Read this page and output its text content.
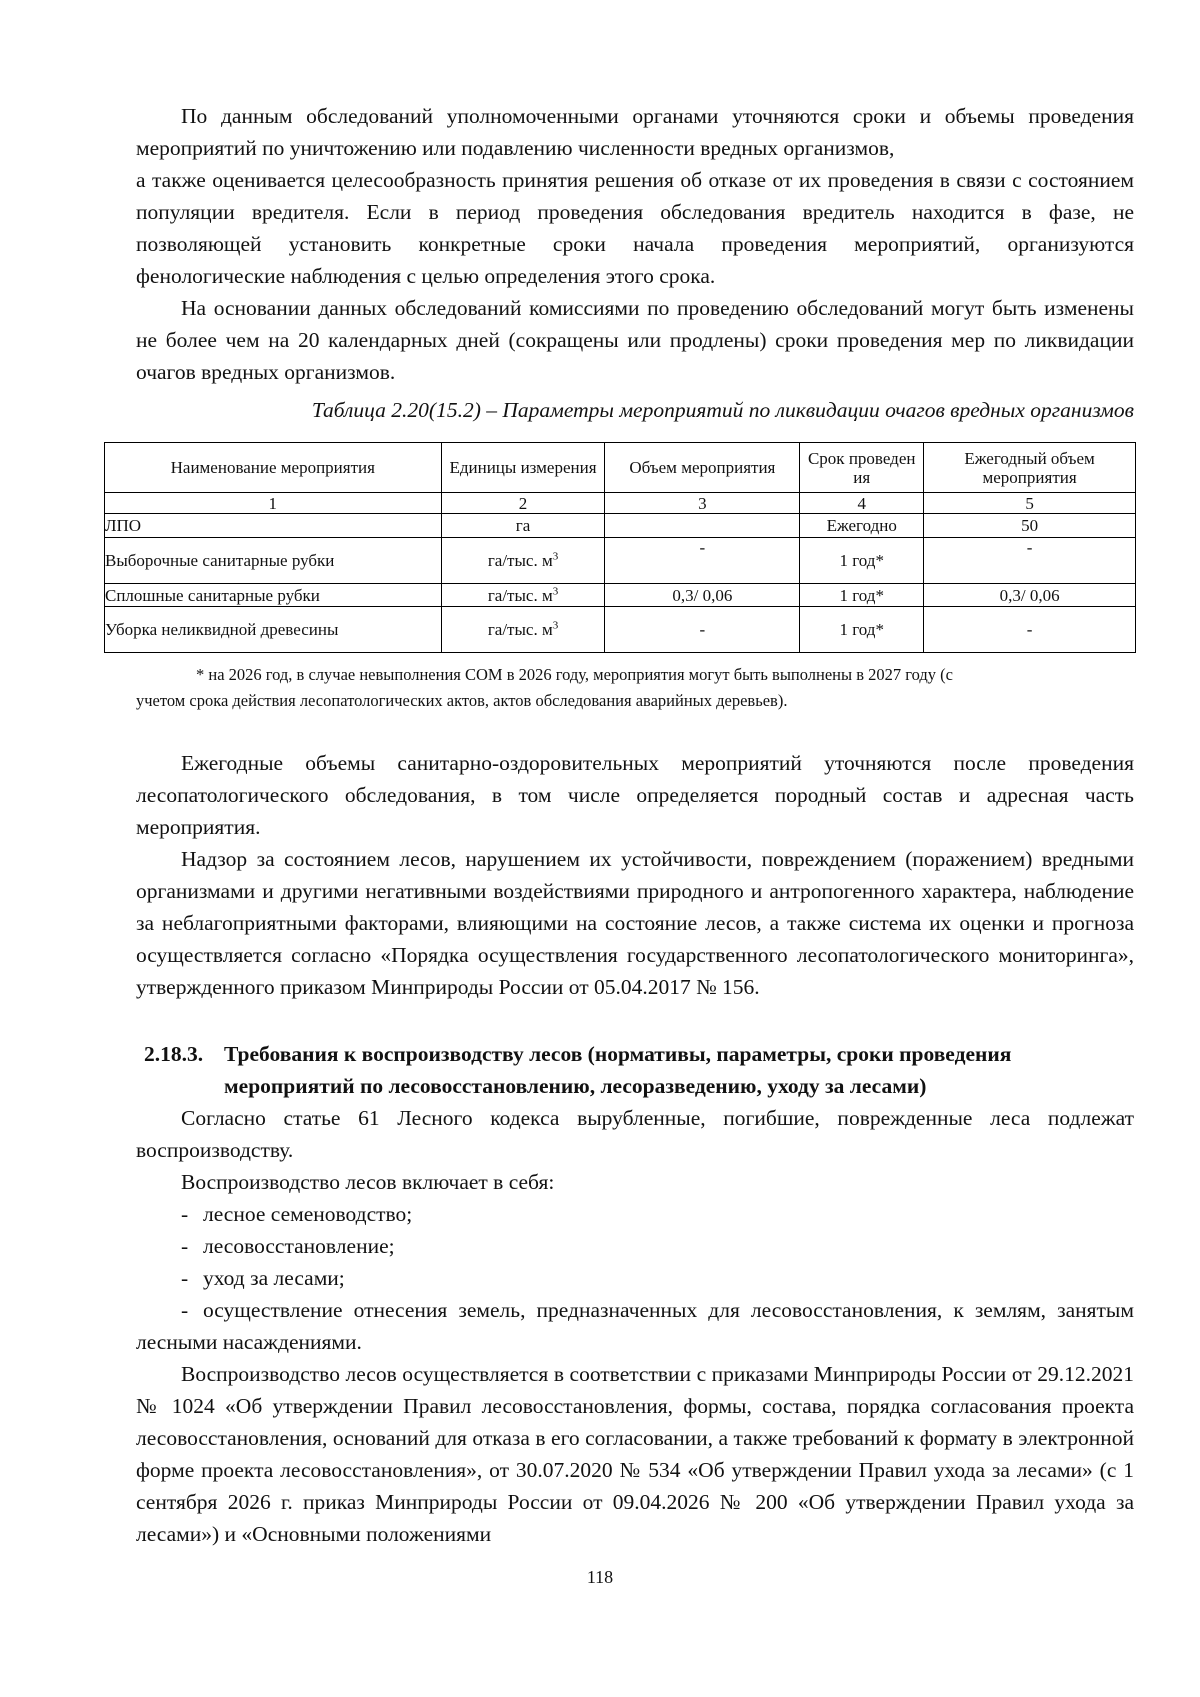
По данным обследований уполномоченными органами уточняются сроки и объемы проведения мероприятий по уничтожению или подавлению численности вредных организмов,

а также оценивается целесообразность принятия решения об отказе от их проведения в связи с состоянием популяции вредителя. Если в период проведения обследования вредитель находится в фазе, не позволяющей установить конкретные сроки начала проведения мероприятий, организуются фенологические наблюдения с целью определения этого срока.

На основании данных обследований комиссиями по проведению обследований могут быть изменены не более чем на 20 календарных дней (сокращены или продлены) сроки проведения мер по ликвидации очагов вредных организмов.

Таблица 2.20(15.2) – Параметры мероприятий по ликвидации очагов вредных организмов

Наименование мероприятия	Единицы измерения	Объем мероприятия	Срок проведен ия	Ежегодный объем мероприятия
1	2	3	4	5
ЛПО	га		Ежегодно	50
Выборочные санитарные рубки	га/тыс. $м^3$	-	1 год*	-
Сплошные санитарные рубки	га/тыс. $м^3$	0,3/ 0,06	1 год*	0,3/ 0,06
Уборка неликвидной древесины	га/тыс. $м^3$	-	1 год*	-

* на 2026 год, в случае невыполнения СОМ в 2026 году, мероприятия могут быть выполнены в 2027 году (с
учетом срока действия лесопатологических актов, актов обследования аварийных деревьев).

Ежегодные объемы санитарно-оздоровительных мероприятий уточняются после проведения лесопатологического обследования, в том числе определяется породный состав и адресная часть мероприятия.

Надзор за состоянием лесов, нарушением их устойчивости, повреждением (поражением) вредными организмами и другими негативными воздействиями природного и антропогенного характера, наблюдение за неблагоприятными факторами, влияющими на состояние лесов, а также система их оценки и прогноза осуществляется согласно «Порядка осуществления государственного лесопатологического мониторинга», утвержденного приказом Минприроды России от 05.04.2017 № 156.

2.18.3. Требования к воспроизводству лесов (нормативы, параметры, сроки проведения
мероприятий по лесовосстановлению, лесоразведению, уходу за лесами)

Согласно статье 61 Лесного кодекса вырубленные, погибшие, поврежденные леса подлежат воспроизводству.

Воспроизводство лесов включает в себя:

- лесное семеноводство;

- лесовосстановление;

- уход за лесами;

- осуществление отнесения земель, предназначенных для лесовосстановления, к землям, занятым лесными насаждениями.

Воспроизводство лесов осуществляется в соответствии с приказами Минприроды России от 29.12.2021 № 1024 «Об утверждении Правил лесовосстановления, формы, состава, порядка согласования проекта лесовосстановления, оснований для отказа в его согласовании, а также требований к формату в электронной форме проекта лесовосстановления», от 30.07.2020 № 534 «Об утверждении Правил ухода за лесами» (с 1 сентября 2026 г. приказ Минприроды России от 09.04.2026 № 200 «Об утверждении Правил ухода за лесами») и «Основными положениями

118
